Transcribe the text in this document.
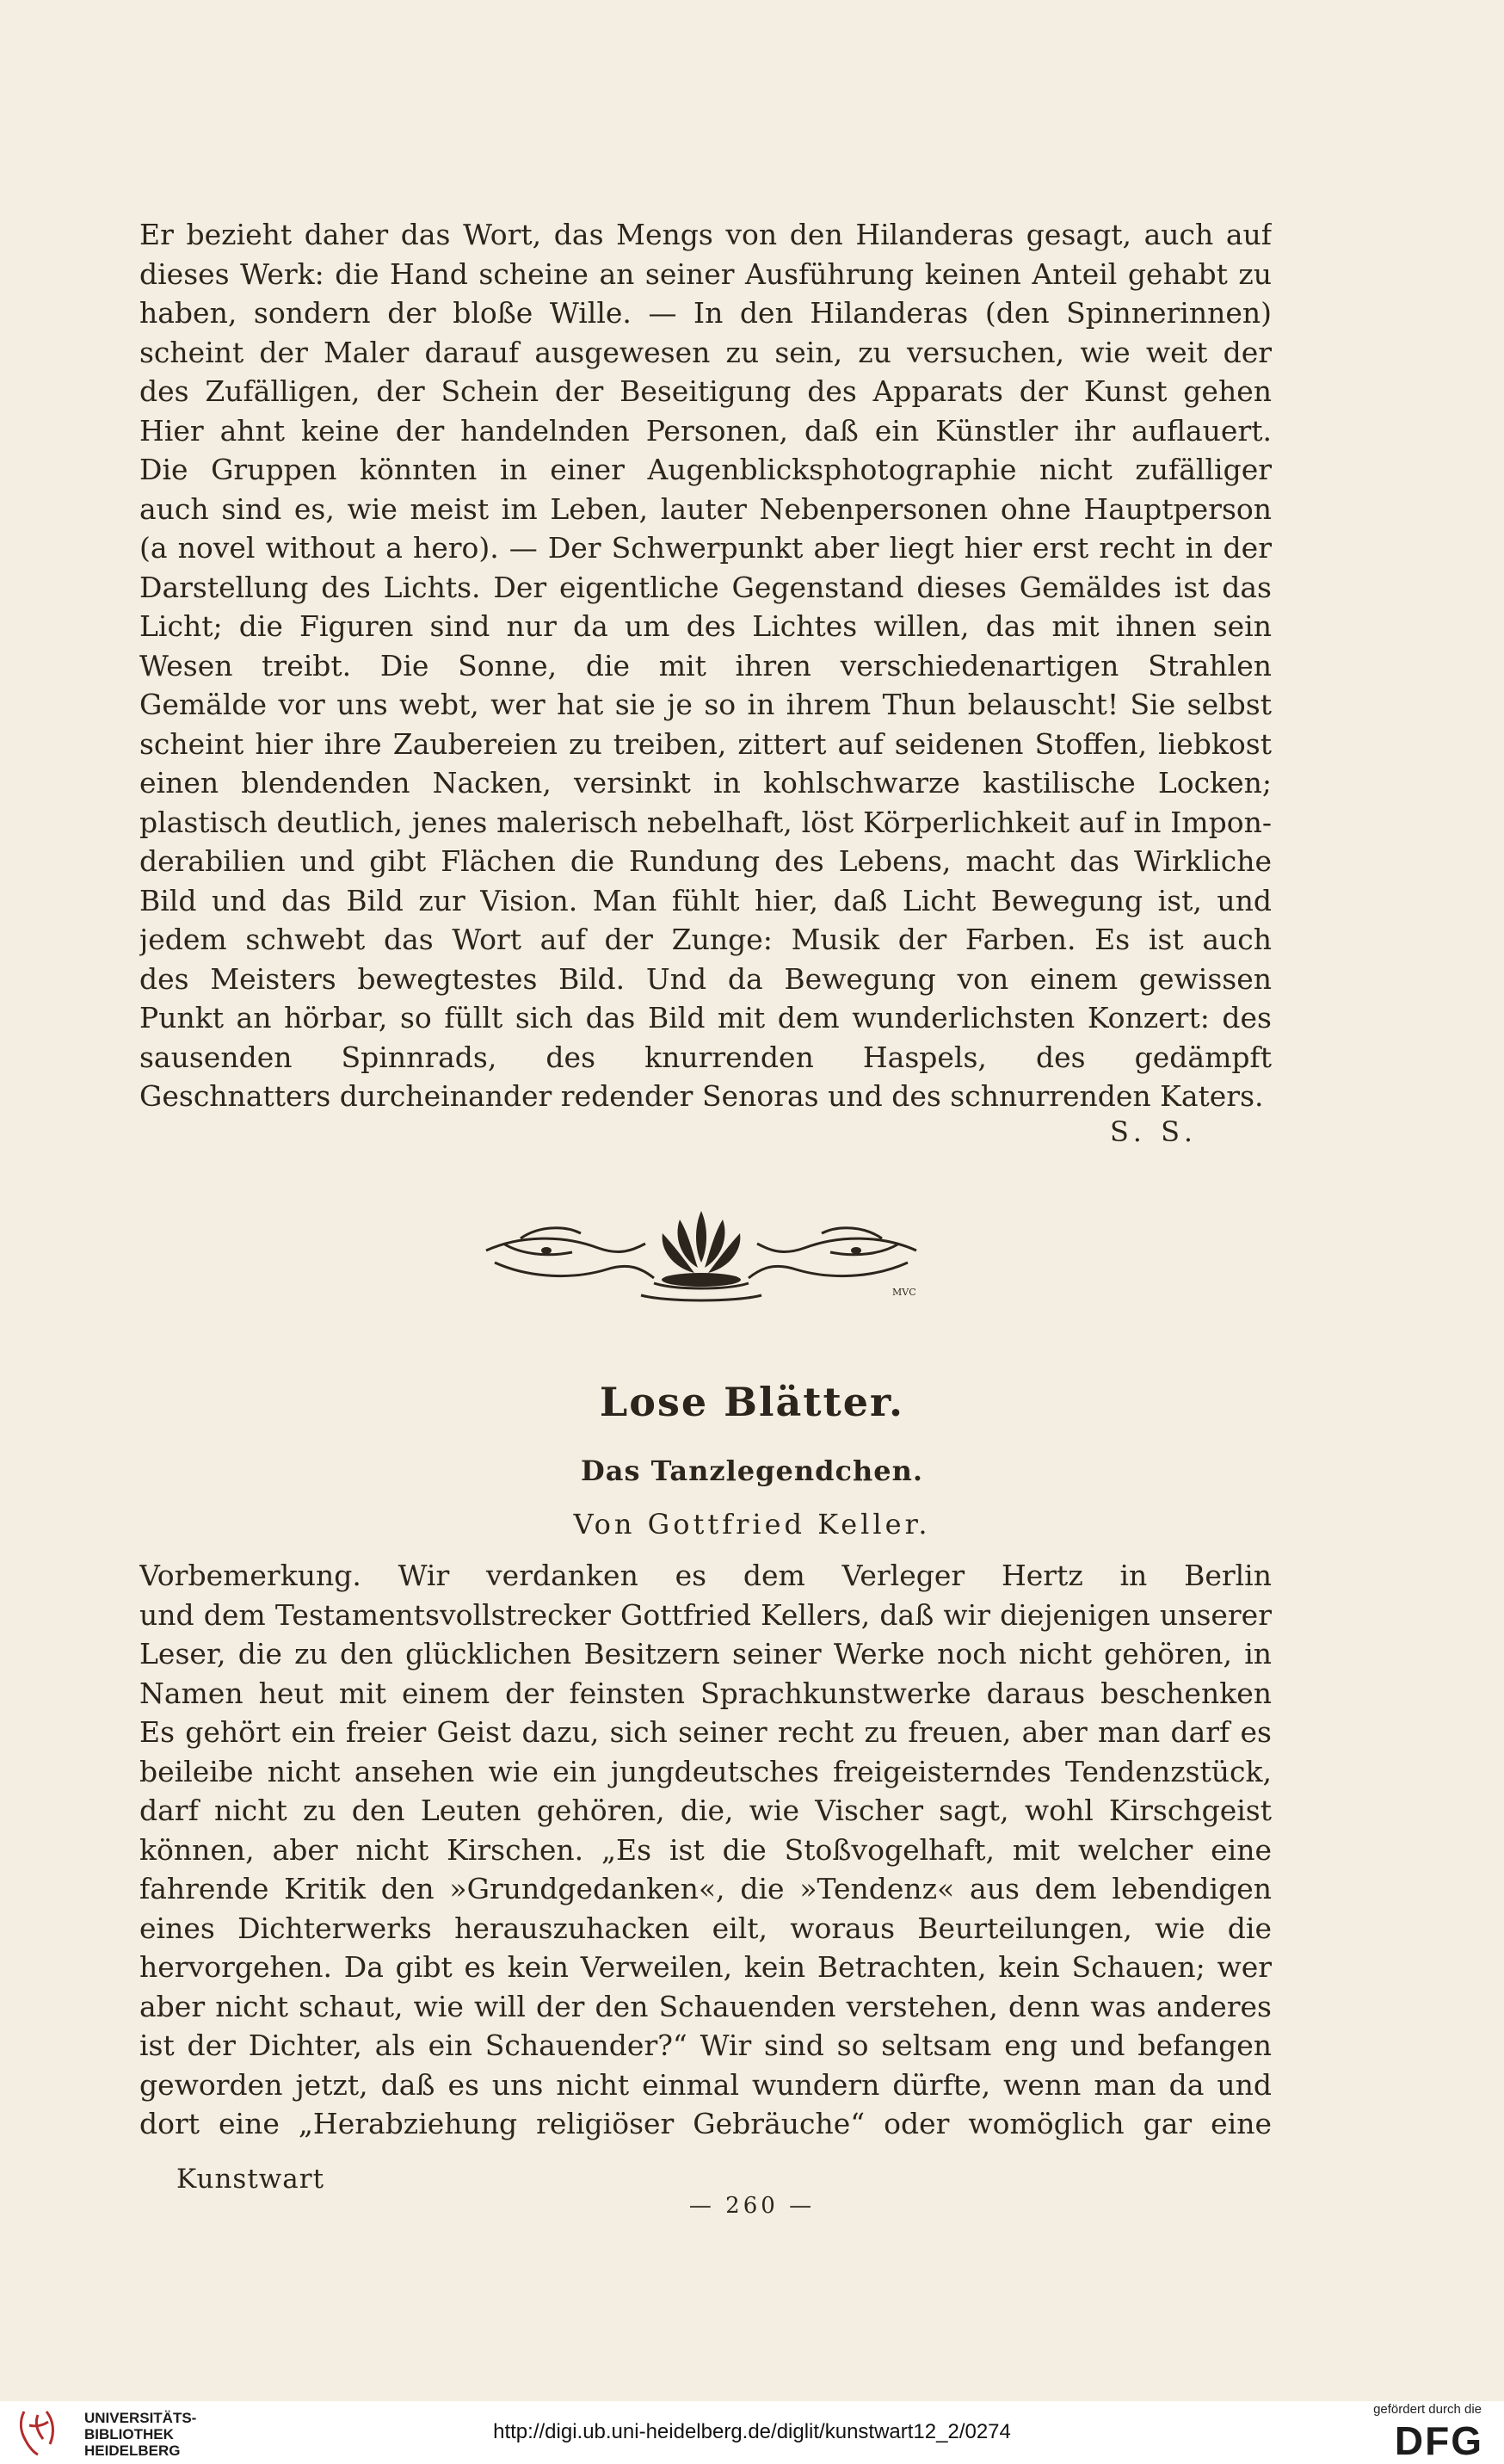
Er bezieht daher das Wort, das Mengs von den Hilanderas gesagt, auch auf
dieses Werk: die Hand scheine an seiner Ausführung keinen Anteil gehabt zu
haben, sondern der bloße Wille. — In den Hilanderas (den Spinnerinnen)
scheint der Maler darauf ausgewesen zu sein, zu versuchen, wie weit der
des Zufälligen, der Schein der Beseitigung des Apparats der Kunst gehen
Hier ahnt keine der handelnden Personen, daß ein Künstler ihr auflauert.
Die Gruppen könnten in einer Augenblicksphotographie nicht zufälliger
auch sind es, wie meist im Leben, lauter Nebenpersonen ohne Hauptperson
(a novel without a hero). — Der Schwerpunkt aber liegt hier erst recht in der
Darstellung des Lichts. Der eigentliche Gegenstand dieses Gemäldes ist das
Licht; die Figuren sind nur da um des Lichtes willen, das mit ihnen sein
Wesen treibt. Die Sonne, die mit ihren verschiedenartigen Strahlen
Gemälde vor uns webt, wer hat sie je so in ihrem Thun belauscht! Sie selbst
scheint hier ihre Zaubereien zu treiben, zittert auf seidenen Stoffen, liebkost
einen blendenden Nacken, versinkt in kohlschwarze kastilische Locken;
plastisch deutlich, jenes malerisch nebelhaft, löst Körperlichkeit auf in Impon-
derabilien und gibt Flächen die Rundung des Lebens, macht das Wirkliche
Bild und das Bild zur Vision. Man fühlt hier, daß Licht Bewegung ist, und
jedem schwebt das Wort auf der Zunge: Musik der Farben. Es ist auch
des Meisters bewegtestes Bild. Und da Bewegung von einem gewissen
Punkt an hörbar, so füllt sich das Bild mit dem wunderlichsten Konzert: des
sausenden Spinnrads, des knurrenden Haspels, des gedämpft
Geschnatters durcheinander redender Senoras und des schnurrenden Katers.
S. S.
MVC
Lose Blätter.
Das Tanzlegendchen.
Von Gottfried Keller.
Vorbemerkung. Wir verdanken es dem Verleger Hertz in Berlin
und dem Testamentsvollstrecker Gottfried Kellers, daß wir diejenigen unserer
Leser, die zu den glücklichen Besitzern seiner Werke noch nicht gehören, in
Namen heut mit einem der feinsten Sprachkunstwerke daraus beschenken
Es gehört ein freier Geist dazu, sich seiner recht zu freuen, aber man darf es
beileibe nicht ansehen wie ein jungdeutsches freigeisterndes Tendenzstück,
darf nicht zu den Leuten gehören, die, wie Vischer sagt, wohl Kirschgeist
können, aber nicht Kirschen. „Es ist die Stoßvogelhaft, mit welcher eine
fahrende Kritik den »Grundgedanken«, die »Tendenz« aus dem lebendigen
eines Dichterwerks herauszuhacken eilt, woraus Beurteilungen, wie die
hervorgehen. Da gibt es kein Verweilen, kein Betrachten, kein Schauen; wer
aber nicht schaut, wie will der den Schauenden verstehen, denn was anderes
ist der Dichter, als ein Schauender?“ Wir sind so seltsam eng und befangen
geworden jetzt, daß es uns nicht einmal wundern dürfte, wenn man da und
dort eine „Herabziehung religiöser Gebräuche“ oder womöglich gar eine
Kunstwart
— 260 —
UNIVERSITÄTS-
BIBLIOTHEK
HEIDELBERG
http://digi.ub.uni-heidelberg.de/diglit/kunstwart12_2/0274
gefördert durch die
DFG
